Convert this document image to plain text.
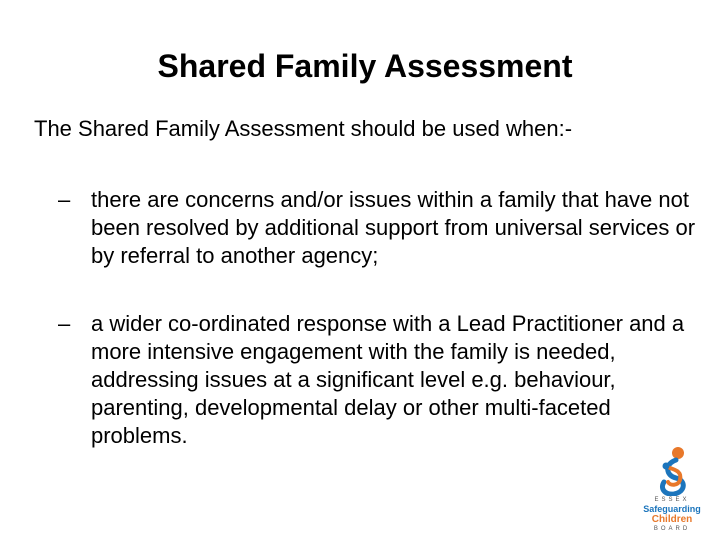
Shared Family Assessment
The Shared Family Assessment should be used when:-
– there are concerns and/or issues within a family that have not been resolved by additional support from universal services or by referral to another agency;
– a wider co-ordinated response with a Lead Practitioner and a more intensive engagement with the family is needed, addressing issues at a significant level e.g. behaviour, parenting, developmental delay or other multi-faceted problems.
ESSEX
Safeguarding
Children
BOARD
